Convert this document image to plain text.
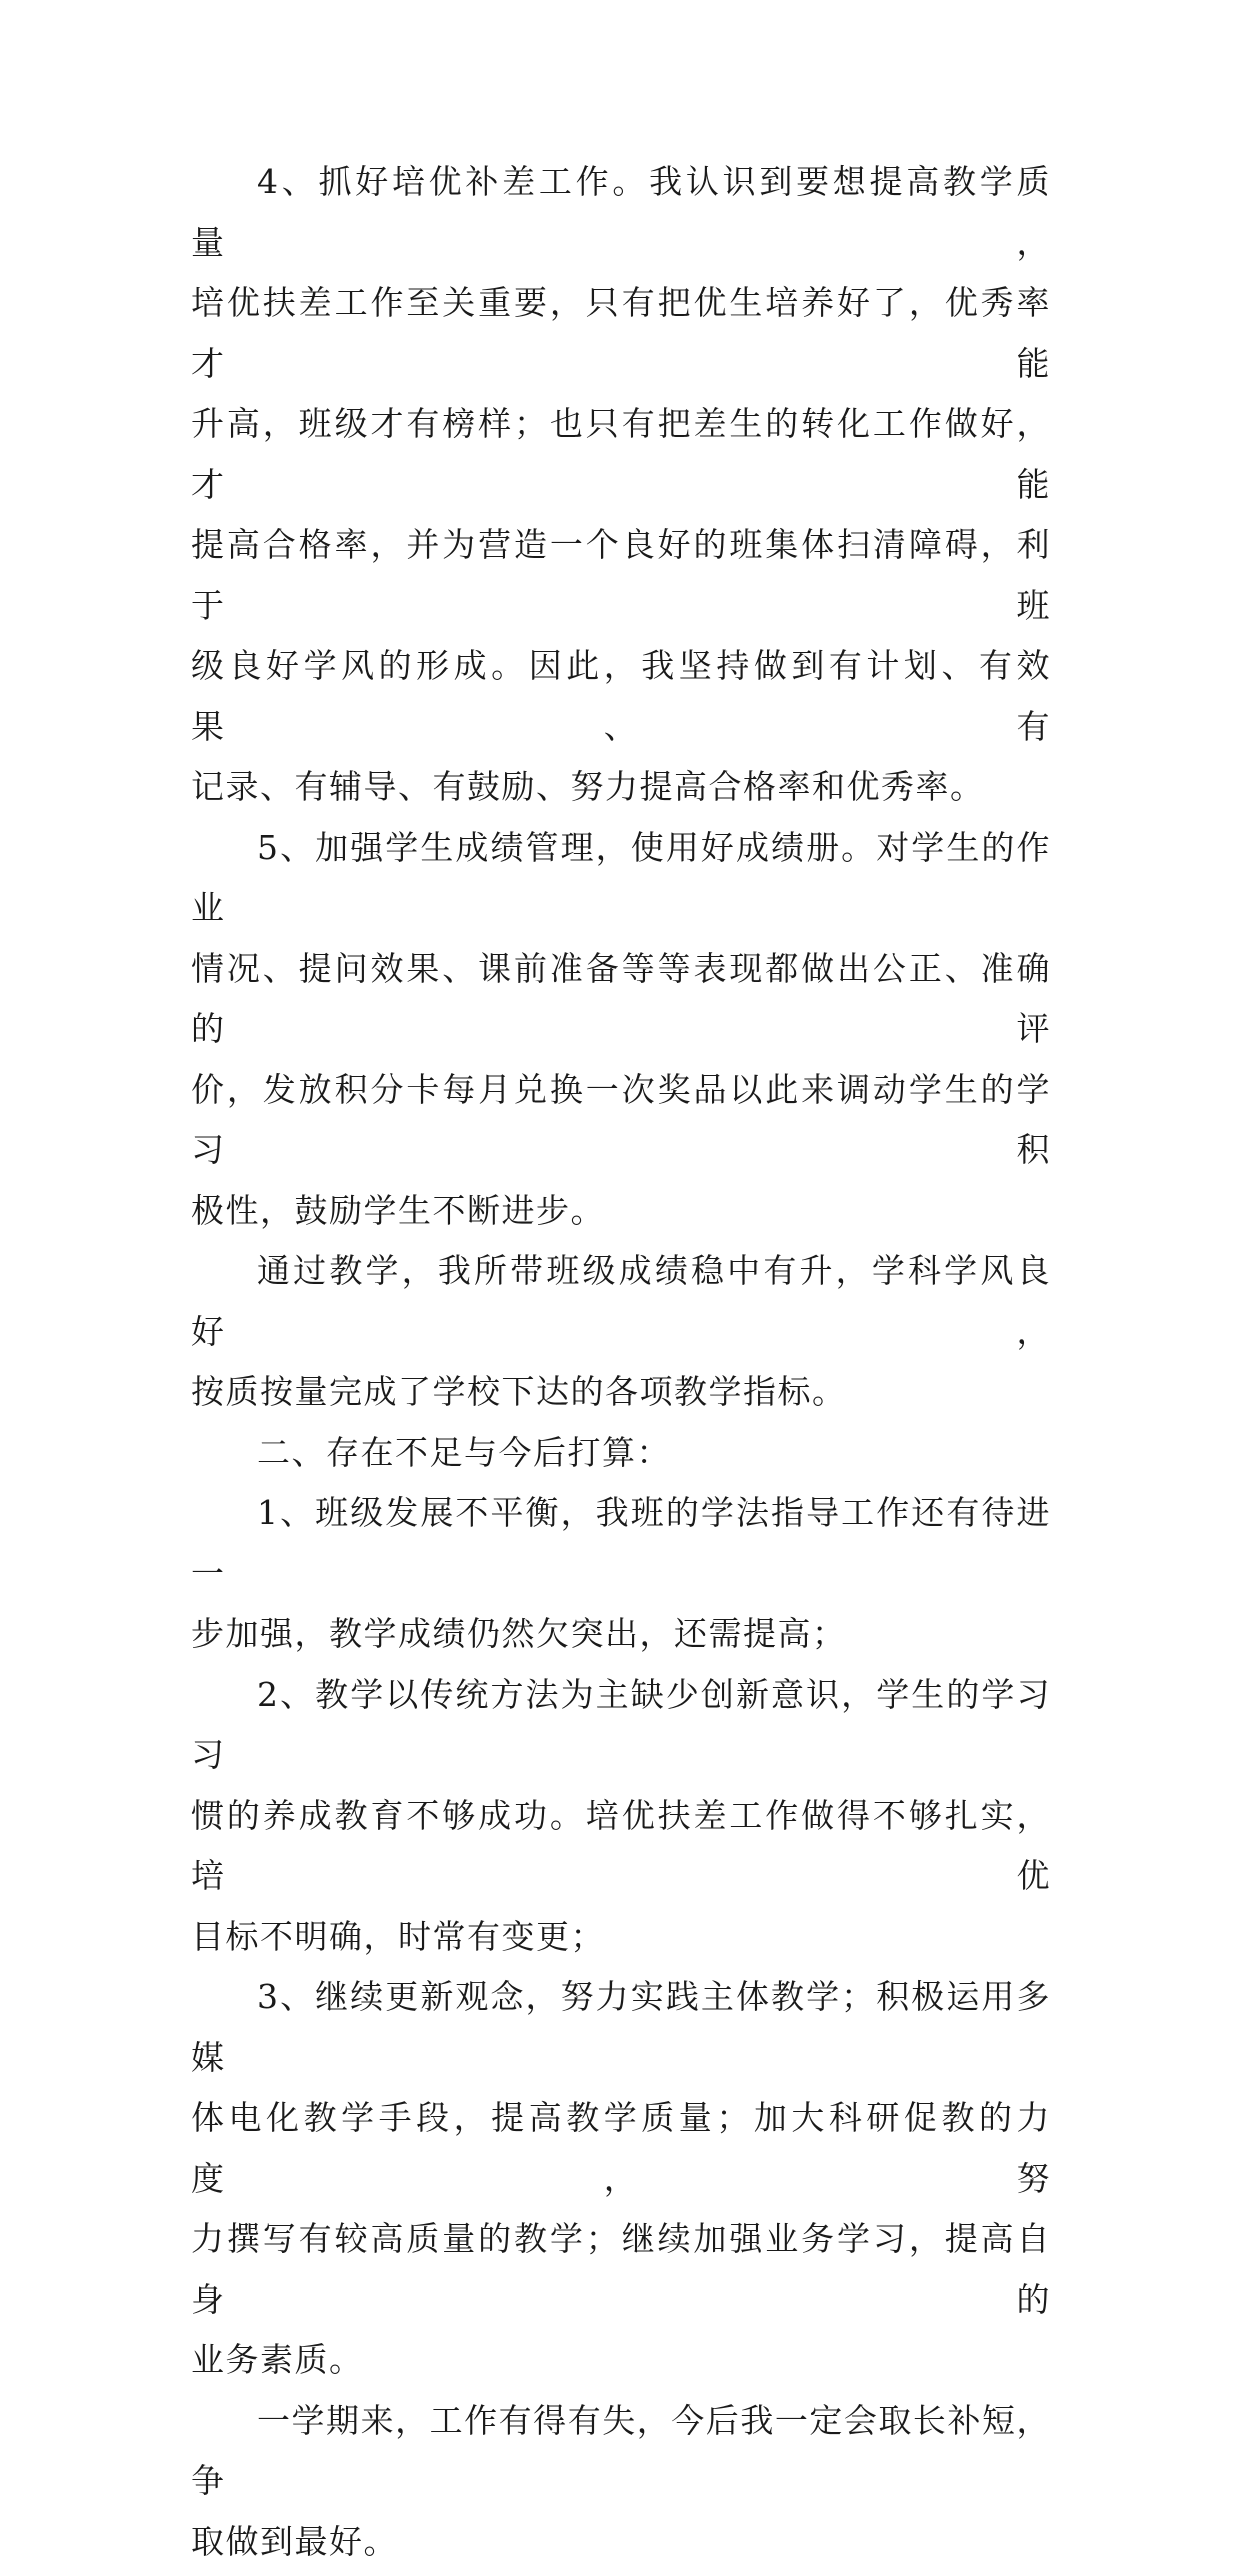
4、抓好培优补差工作。我认识到要想提高教学质量，
培优扶差工作至关重要，只有把优生培养好了，优秀率才能
升高，班级才有榜样；也只有把差生的转化工作做好，才能
提高合格率，并为营造一个良好的班集体扫清障碍，利于班
级良好学风的形成。因此，我坚持做到有计划、有效果、有
记录、有辅导、有鼓励、努力提高合格率和优秀率。
5、加强学生成绩管理，使用好成绩册。对学生的作业
情况、提问效果、课前准备等等表现都做出公正、准确的评
价，发放积分卡每月兑换一次奖品以此来调动学生的学习积
极性，鼓励学生不断进步。
通过教学，我所带班级成绩稳中有升，学科学风良好，
按质按量完成了学校下达的各项教学指标。
二、存在不足与今后打算：
1、班级发展不平衡，我班的学法指导工作还有待进一
步加强，教学成绩仍然欠突出，还需提高；
2、教学以传统方法为主缺少创新意识，学生的学习习
惯的养成教育不够成功。培优扶差工作做得不够扎实，培优
目标不明确，时常有变更；
3、继续更新观念，努力实践主体教学；积极运用多媒
体电化教学手段，提高教学质量；加大科研促教的力度，努
力撰写有较高质量的教学；继续加强业务学习，提高自身的
业务素质。
一学期来，工作有得有失，今后我一定会取长补短，争
取做到最好。
